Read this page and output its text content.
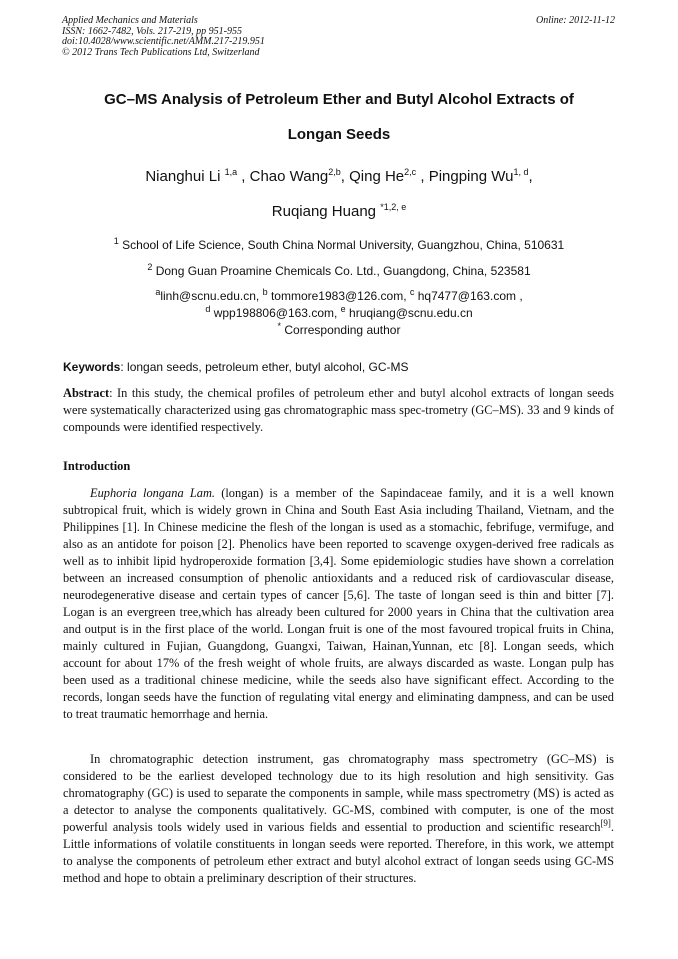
Applied Mechanics and Materials
ISSN: 1662-7482, Vols. 217-219, pp 951-955
doi:10.4028/www.scientific.net/AMM.217-219.951
© 2012 Trans Tech Publications Ltd, Switzerland
Online: 2012-11-12
GC–MS Analysis of Petroleum Ether and Butyl Alcohol Extracts of
Longan Seeds
Nianghui Li $^{1,a}$ , Chao Wang$^{2,b}$, Qing He$^{2,c}$ , Pingping Wu$^{1, d}$,
Ruqiang Huang $^{*1,2, e}$
$^1$ School of Life Science, South China Normal University, Guangzhou, China, 510631
$^2$ Dong Guan Proamine Chemicals Co. Ltd., Guangdong, China, 523581
$^a$linh@scnu.edu.cn, $^b$ tommore1983@126.com, $^c$ hq7477@163.com ,
$^d$ wpp198806@163.com, $^e$ hruqiang@scnu.edu.cn
* Corresponding author
Keywords: longan seeds, petroleum ether, butyl alcohol, GC-MS
Abstract: In this study, the chemical profiles of petroleum ether and butyl alcohol extracts of longan seeds were systematically characterized using gas chromatographic mass spec-trometry (GC–MS). 33 and 9 kinds of compounds were identified respectively.
Introduction
Euphoria longana Lam. (longan) is a member of the Sapindaceae family, and it is a well known subtropical fruit, which is widely grown in China and South East Asia including Thailand, Vietnam, and the Philippines [1]. In Chinese medicine the flesh of the longan is used as a stomachic, febrifuge, vermifuge, and also as an antidote for poison [2]. Phenolics have been reported to scavenge oxygen-derived free radicals as well as to inhibit lipid hydroperoxide formation [3,4]. Some epidemiologic studies have shown a correlation between an increased consumption of phenolic antioxidants and a reduced risk of cardiovascular disease, neurodegenerative disease and certain types of cancer [5,6]. The taste of longan seed is thin and bitter [7]. Logan is an evergreen tree,which has already been cultured for 2000 years in China that the cultivation area and output is in the first place of the world. Longan fruit is one of the most favoured tropical fruits in China, mainly cultured in Fujian, Guangdong, Guangxi, Taiwan, Hainan,Yunnan, etc [8]. Longan seeds, which account for about 17% of the fresh weight of whole fruits, are always discarded as waste. Longan pulp has been used as a traditional chinese medicine, while the seeds also have significant effect. According to the records, longan seeds have the function of regulating vital energy and eliminating dampness, and can be used to treat traumatic hemorrhage and hernia.
In chromatographic detection instrument, gas chromatography mass spectrometry (GC–MS) is considered to be the earliest developed technology due to its high resolution and high sensitivity. Gas chromatography (GC) is used to separate the components in sample, while mass spectrometry (MS) is acted as a detector to analyse the components qualitatively. GC-MS, combined with computer, is one of the most powerful analysis tools widely used in various fields and essential to production and scientific research[9]. Little informations of volatile constituents in longan seeds were reported. Therefore, in this work, we attempt to analyse the components of petroleum ether extract and butyl alcohol extract of longan seeds using GC-MS method and hope to obtain a preliminary description of their structures.
